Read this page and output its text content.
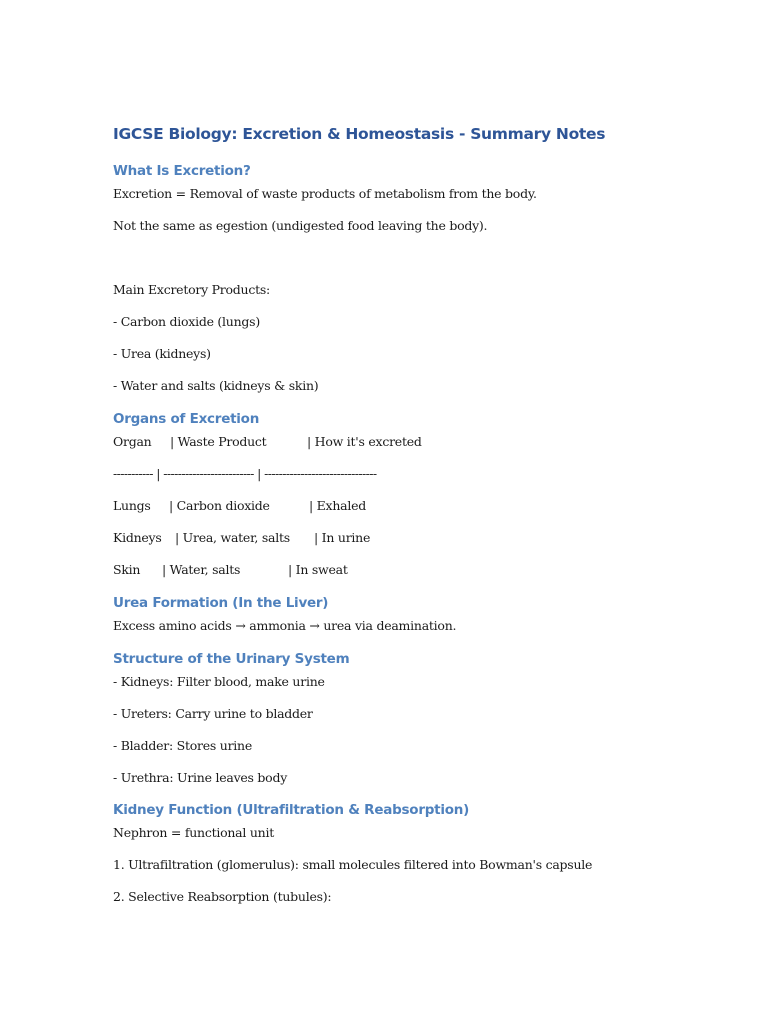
IGCSE Biology: Excretion & Homeostasis - Summary Notes
What Is Excretion?

Excretion = Removal of waste products of metabolism from the body.

Not the same as egestion (undigested food leaving the body).

Main Excretory Products:

- Carbon dioxide (lungs)

- Urea (kidneys)

- Water and salts (kidneys & skin)

Organs of Excretion
Organ | Waste Product	| How it's excreted

----------- | ------------------------- | -------------------------------

Lungs | Carbon dioxide	| Exhaled
Kidneys | Urea, water, salts | In urine
Skin | Water, salts	| In sweat
Urea Formation (In the Liver)

Excess amino acids → ammonia → urea via deamination.

Structure of the Urinary System

- Kidneys: Filter blood, make urine

- Ureters: Carry urine to bladder

- Bladder: Stores urine

- Urethra: Urine leaves body

Kidney Function (Ultrafiltration & Reabsorption)

Nephron = functional unit

1. Ultrafiltration (glomerulus): small molecules filtered into Bowman's capsule

2. Selective Reabsorption (tubules):
